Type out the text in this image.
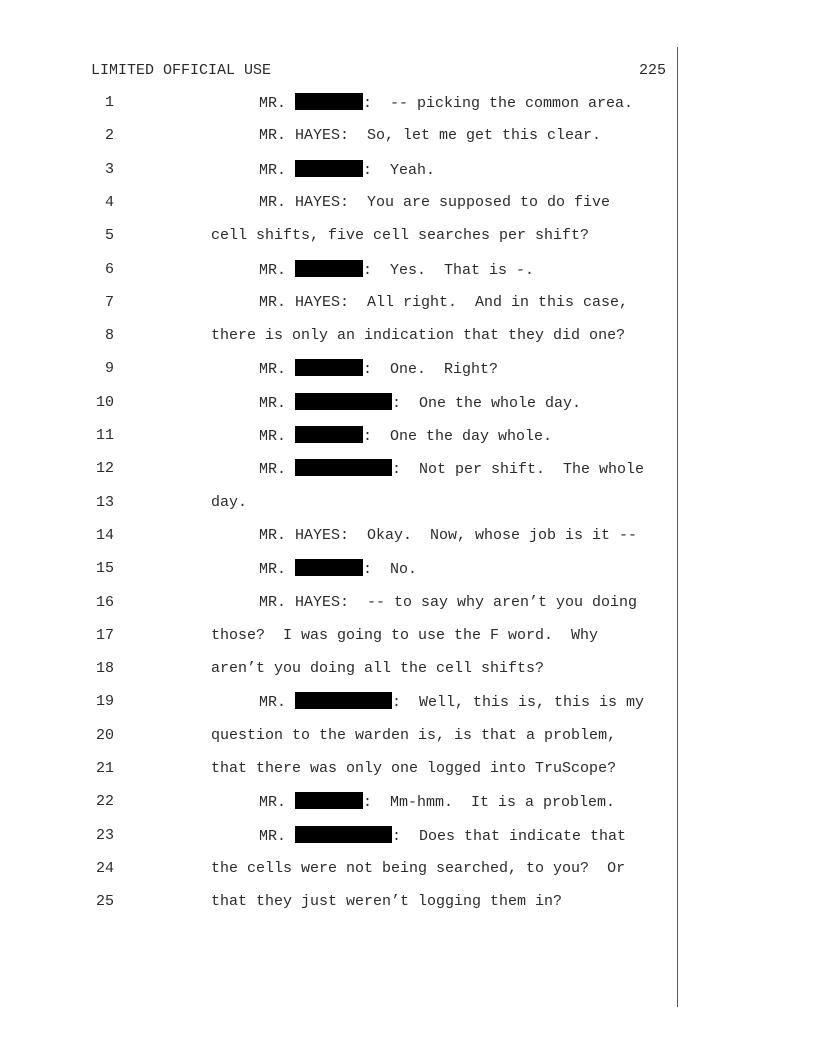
LIMITED OFFICIAL USE	225
1	MR.	:  -- picking the common area.
2	MR. HAYES:  So, let me get this clear.
3	MR.	:  Yeah.
4	MR. HAYES:  You are supposed to do five
5	cell shifts, five cell searches per shift?
6	MR.	:  Yes.  That is -.
7	MR. HAYES:  All right.  And in this case,
8	there is only an indication that they did one?
9	MR.	:  One.  Right?
10	MR.	:  One the whole day.
11	MR.	:  One the day whole.
12	MR.	:  Not per shift.  The whole
13	day.
14	MR. HAYES:  Okay.  Now, whose job is it --
15	MR.	:  No.
16	MR. HAYES:  -- to say why aren’t you doing
17	those?  I was going to use the F word.  Why
18	aren’t you doing all the cell shifts?
19	MR.	:  Well, this is, this is my
20	question to the warden is, is that a problem,
21	that there was only one logged into TruScope?
22	MR.	:  Mm-hmm.  It is a problem.
23	MR.	:  Does that indicate that
24	the cells were not being searched, to you?  Or
25	that they just weren’t logging them in?
